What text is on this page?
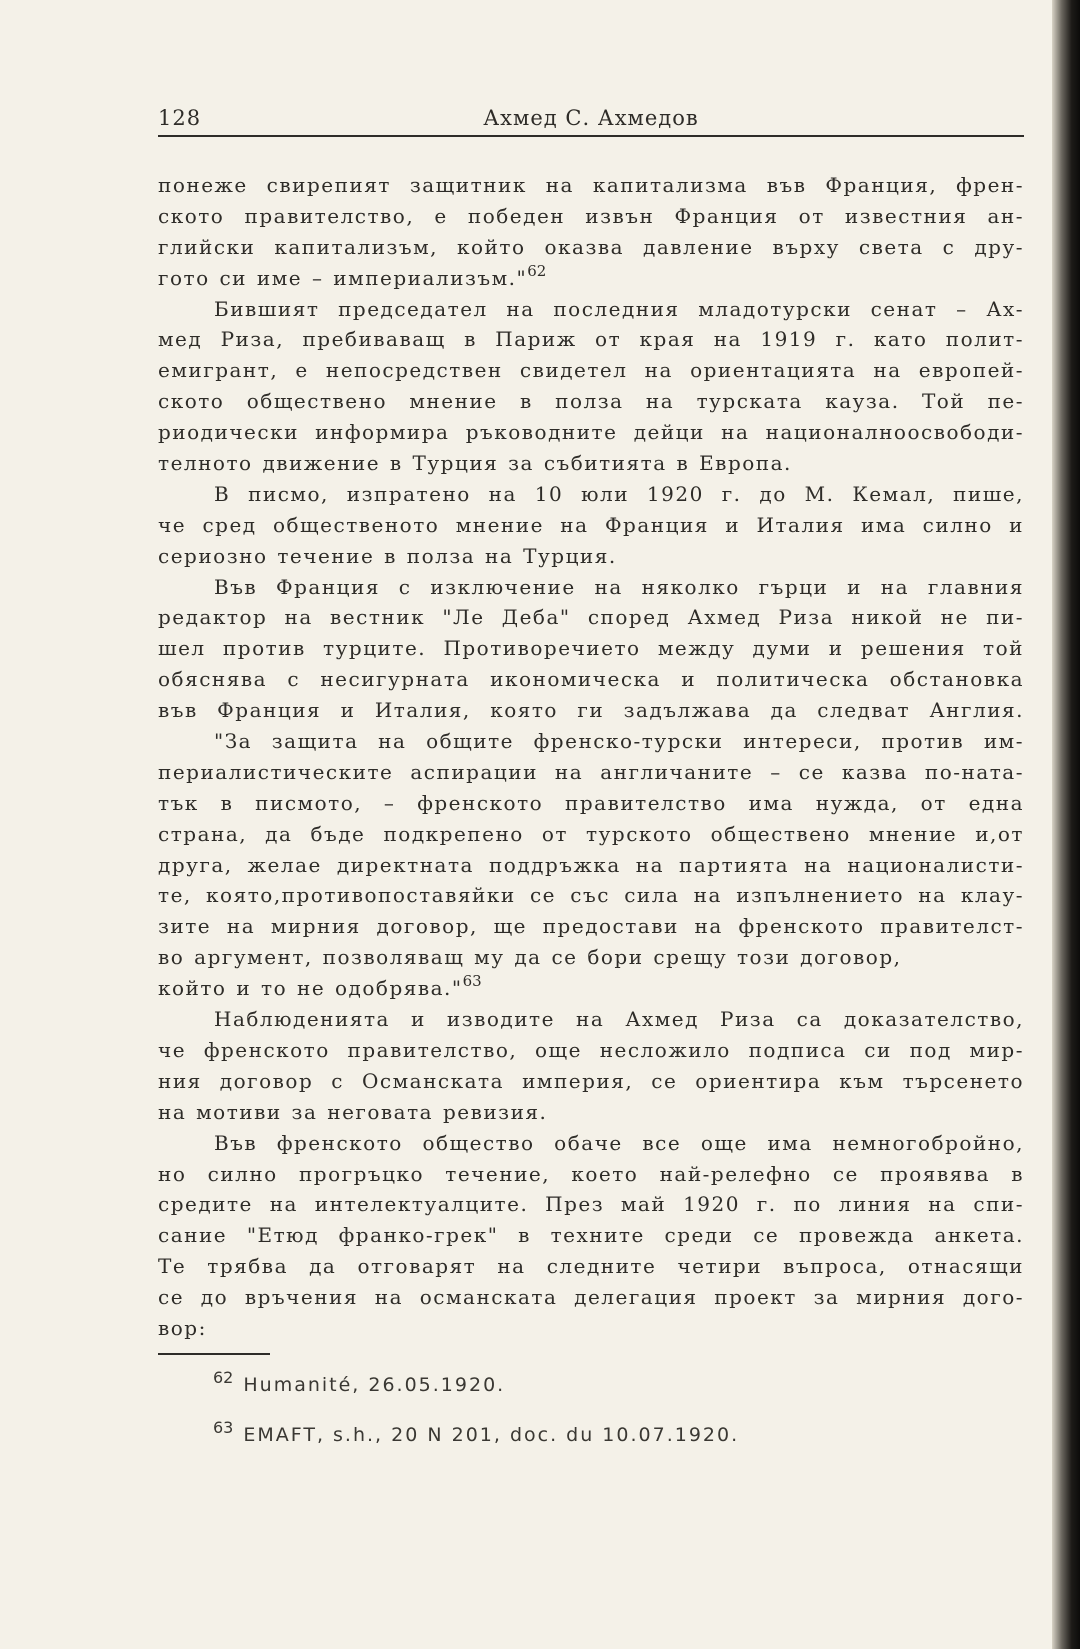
128	Ахмед С. Ахмедов
понеже свирепият защитник на капитализма във Франция, френ-
ското правителство, е победен извън Франция от известния ан-
глийски капитализъм, който оказва давление върху света с дру-
гото си име – империализъм."$^{62}$
Бившият председател на последния младотурски сенат – Ах-
мед Риза, пребиваващ в Париж от края на 1919 г. като полит-
емигрант, е непосредствен свидетел на ориентацията на европей-
ското обществено мнение в полза на турската кауза. Той пе-
риодически информира ръководните дейци на националноосвободи-
телното движение в Турция за събитията в Европа.
В писмо, изпратено на 10 юли 1920 г. до М. Кемал, пише,
че сред общественото мнение на Франция и Италия има силно и
сериозно течение в полза на Турция.
Във Франция с изключение на няколко гърци и на главния
редактор на вестник "Ле Деба" според Ахмед Риза никой не пи-
шел против турците. Противоречието между думи и решения той
обяснява с несигурната икономическа и политическа обстановка
във Франция и Италия, която ги задължава да следват Англия.
"За защита на общите френско-турски интереси, против им-
периалистическите аспирации на англичаните – се казва по-ната-
тък в писмото, – френското правителство има нужда, от една
страна, да бъде подкрепено от турското обществено мнение и,от
друга, желае директната поддръжка на партията на националисти-
те, която,противопоставяйки се със сила на изпълнението на клау-
зите на мирния договор, ще предостави на френското правителст-
во аргумент, позволяващ му да се бори срещу този договор,
който и то не одобрява."$^{63}$
Наблюденията и изводите на Ахмед Риза са доказателство,
че френското правителство, още несложило подписа си под мир-
ния договор с Османската империя, се ориентира към търсенето
на мотиви за неговата ревизия.
Във френското общество обаче все още има немногобройно,
но силно прогръцко течение, което най-релефно се проявява в
средите на интелектуалците. През май 1920 г. по линия на спи-
сание "Етюд франко-грек" в техните среди се провежда анкета.
Те трябва да отговарят на следните четири въпроса, отнасящи
се до връчения на османската делегация проект за мирния дого-
вор:
$^{62}$ Humanité, 26.05.1920.
$^{63}$ EMAFT, s.h., 20 N 201, doc. du 10.07.1920.
